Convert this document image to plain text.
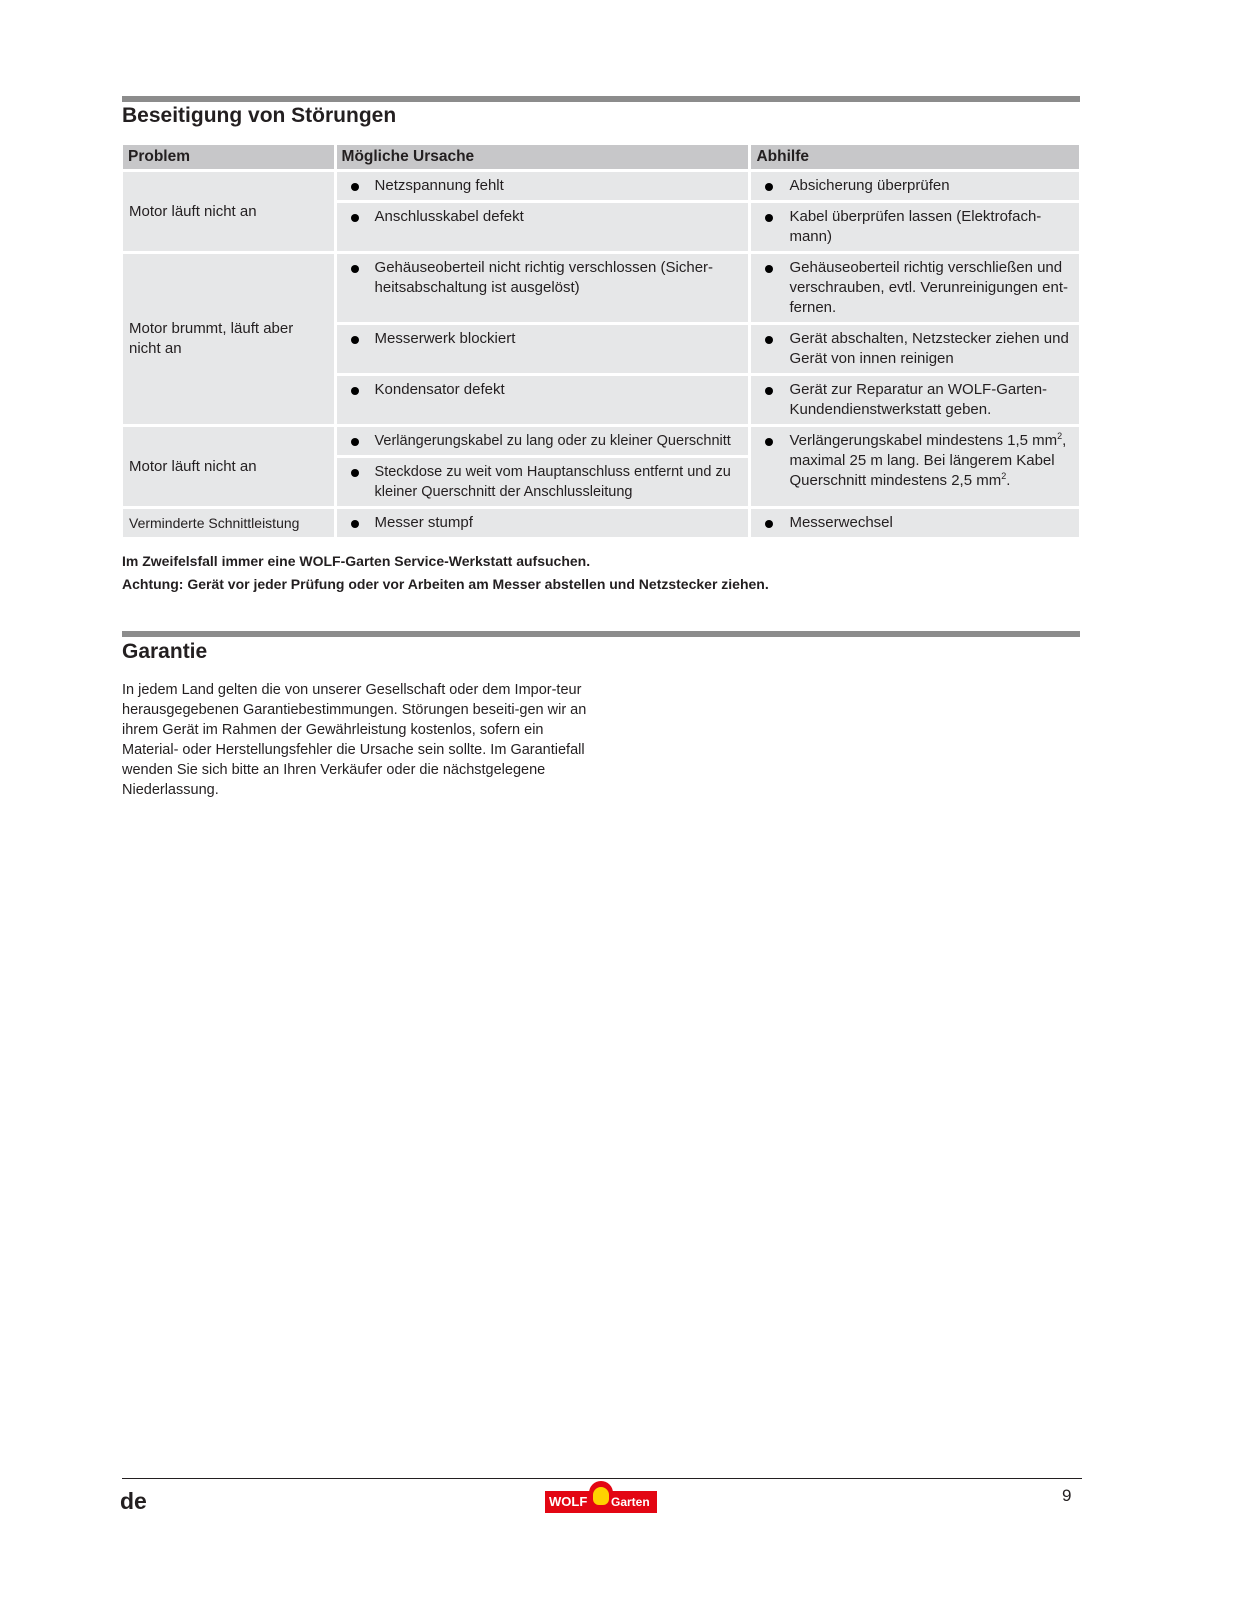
Beseitigung von Störungen
Problem	Mögliche Ursache	Abhilfe
Motor läuft nicht an	Netzspannung fehlt	Absicherung überprüfen

	Anschlusskabel defekt	Kabel überprüfen lassen (Elektrofach-mann)

Motor brummt, läuft aber nicht an	Gehäuseoberteil nicht richtig verschlossen (Sicher-heitsabschaltung ist ausgelöst)	Gehäuseoberteil richtig verschließen und verschrauben, evtl. Verunreinigungen ent-fernen.

	Messerwerk blockiert	Gerät abschalten, Netzstecker ziehen und Gerät von innen reinigen

	Kondensator defekt	Gerät zur Reparatur an WOLF-Garten-Kundendienstwerkstatt geben.

Motor läuft nicht an	Verlängerungskabel zu lang oder zu kleiner Querschnitt	Verlängerungskabel mindestens 1,5 $mm^2$, maximal 25 m lang. Bei längerem Kabel Querschnitt mindestens 2,5 $mm^2$.

	Steckdose zu weit vom Hauptanschluss entfernt und zu kleiner Querschnitt der Anschlussleitung	

Verminderte Schnittleistung	Messer stumpf	Messerwechsel

Im Zweifelsfall immer eine WOLF-Garten Service-Werkstatt aufsuchen.

Achtung: Gerät vor jeder Prüfung oder vor Arbeiten am Messer abstellen und Netzstecker ziehen.

Garantie

In jedem Land gelten die von unserer Gesellschaft oder dem Impor-teur herausgegebenen Garantiebestimmungen. Störungen beseiti-gen wir an ihrem Gerät im Rahmen der Gewährleistung kostenlos, sofern ein Material- oder Herstellungsfehler die Ursache sein sollte. Im Garantiefall wenden Sie sich bitte an Ihren Verkäufer oder die nächstgelegene Niederlassung.

de	WOLF Garten	9
